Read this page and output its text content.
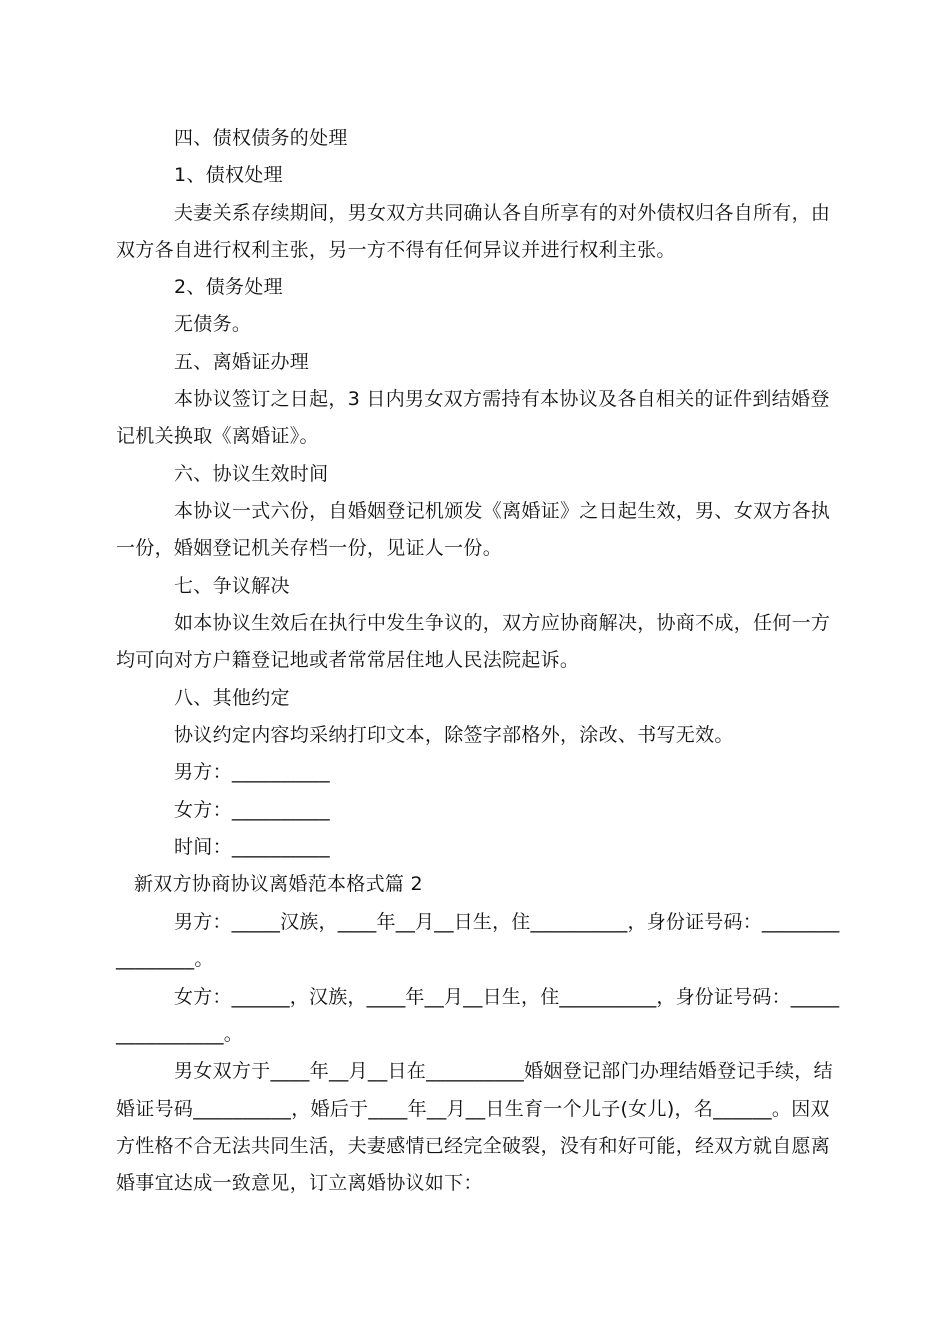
四、债权债务的处理
1、债权处理
夫妻关系存续期间，男女双方共同确认各自所享有的对外债权归各自所有，由
双方各自进行权利主张，另一方不得有任何异议并进行权利主张。
2、债务处理
无债务。
五、离婚证办理
本协议签订之日起，3 日内男女双方需持有本协议及各自相关的证件到结婚登
记机关换取《离婚证》。
六、协议生效时间
本协议一式六份，自婚姻登记机颁发《离婚证》之日起生效，男、女双方各执
一份，婚姻登记机关存档一份，见证人一份。
七、争议解决
如本协议生效后在执行中发生争议的，双方应协商解决，协商不成，任何一方
均可向对方户籍登记地或者常常居住地人民法院起诉。
八、其他约定
协议约定内容均采纳打印文本，除签字部格外，涂改、书写无效。
男方：__________
女方：__________
时间：__________
新双方协商协议离婚范本格式篇 2
男方：_____汉族，____年__月__日生，住__________，身份证号码：________
________。
女方：______，汉族，____年__月__日生，住__________，身份证号码：_____
___________。
男女双方于____年__月__日在__________婚姻登记部门办理结婚登记手续，结
婚证号码__________，婚后于____年__月__日生育一个儿子(女儿)，名______。因双
方性格不合无法共同生活，夫妻感情已经完全破裂，没有和好可能，经双方就自愿离
婚事宜达成一致意见，订立离婚协议如下：
